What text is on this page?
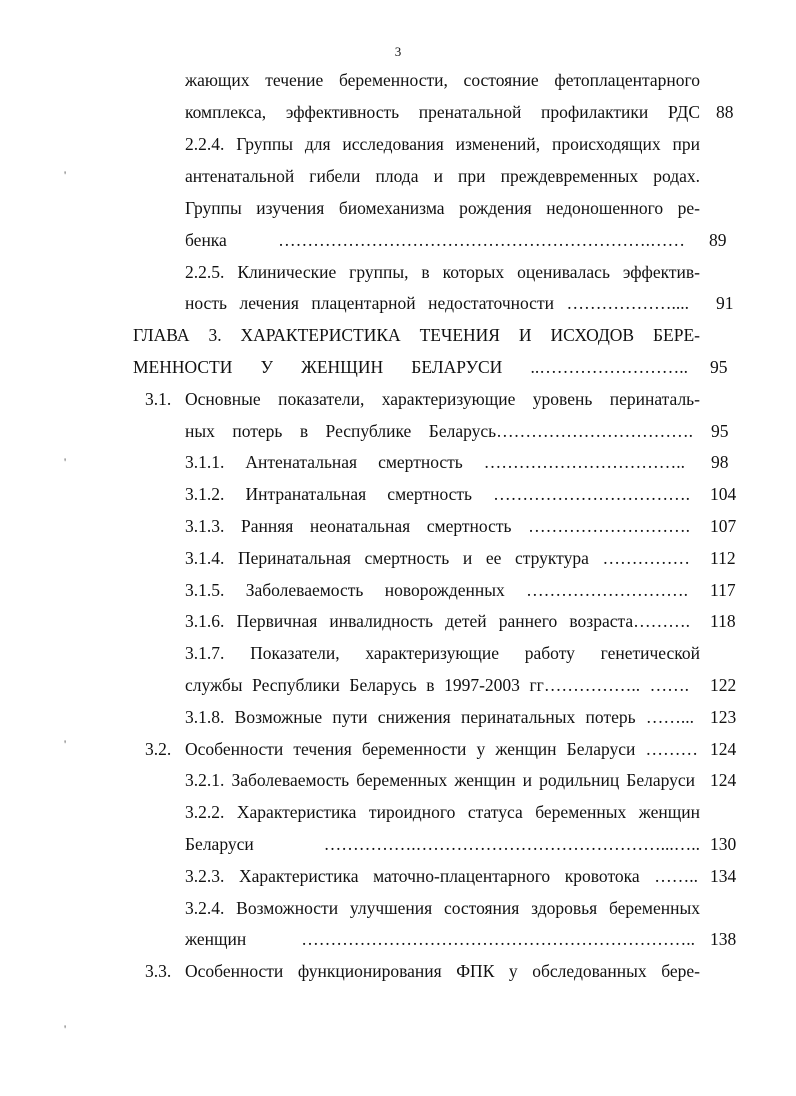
3
'
'
'
'
жающих течение беременности, состояние фетоплацентарного
комплекса, эффективность пренатальной профилактики РДС 88
2.2.4. Группы для исследования изменений, происходящих при
антенатальной гибели плода и при преждевременных родах.
Группы изучения биомеханизма рождения недоношенного ре-
бенка ……………………………………………………….…… 89
2.2.5. Клинические группы, в которых оценивалась эффектив-
ность лечения плацентарной недостаточности ……………….... 91
ГЛАВА 3. ХАРАКТЕРИСТИКА ТЕЧЕНИЯ И ИСХОДОВ БЕРЕ-
МЕННОСТИ У ЖЕНЩИН БЕЛАРУСИ ..…………………….. 95
3.1. Основные показатели, характеризующие уровень перинаталь-
ных потерь в Республике Беларусь……………………………. 95
3.1.1. Антенатальная смертность …………………………….. 98
3.1.2. Интранатальная смертность ……………………………. 104
3.1.3. Ранняя неонатальная смертность ………………………. 107
3.1.4. Перинатальная смертность и ее структура …………… 112
3.1.5. Заболеваемость новорожденных ………………………. 117
3.1.6. Первичная инвалидность детей раннего возраста………. 118
3.1.7. Показатели, характеризующие работу генетической
службы Республики Беларусь в 1997-2003 гг…………….. ……. 122
3.1.8. Возможные пути снижения перинатальных потерь ……... 123
3.2. Особенности течения беременности у женщин Беларуси ……… 124
3.2.1. Заболеваемость беременных женщин и родильниц Беларуси 124
3.2.2. Характеристика тироидного статуса беременных женщин
Беларуси …………….……………………………………...….. 130
3.2.3. Характеристика маточно-плацентарного кровотока …….. 134
3.2.4. Возможности улучшения состояния здоровья беременных
женщин ………………………………………………………….. 138
3.3. Особенности функционирования ФПК у обследованных бере-
